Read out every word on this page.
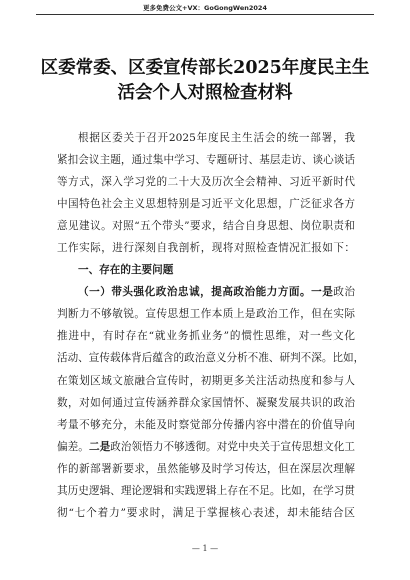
更多免费公文+VX：GoGongWen2024
区委常委、区委宣传部长2025年度民主生
活会个人对照检查材料
根据区委关于召开2025年度民主生活会的统一部署，我
紧扣会议主题，通过集中学习、专题研讨、基层走访、谈心谈话
等方式，深入学习党的二十大及历次全会精神、习近平新时代
中国特色社会主义思想特别是习近平文化思想，广泛征求各方
意见建议。对照“五个带头”要求，结合自身思想、岗位职责和
工作实际，进行深刻自我剖析，现将对照检查情况汇报如下：
一、存在的主要问题
（一）带头强化政治忠诚，提高政治能力方面。一是政治
判断力不够敏锐。宣传思想工作本质上是政治工作，但在实际
推进中，有时存在“就业务抓业务”的惯性思维，对一些文化
活动、宣传载体背后蕴含的政治意义分析不准、研判不深。比如，
在策划区域文旅融合宣传时，初期更多关注活动热度和参与人
数，对如何通过宣传涵养群众家国情怀、凝聚发展共识的政治
考量不够充分，未能及时察觉部分传播内容中潜在的价值导向
偏差。二是政治领悟力不够透彻。对党中央关于宣传思想文化工
作的新部署新要求，虽然能够及时学习传达，但在深层次理解
其历史逻辑、理论逻辑和实践逻辑上存在不足。比如，在学习贯
彻“七个着力”要求时，满足于掌握核心表述，却未能结合区
— 1 —
